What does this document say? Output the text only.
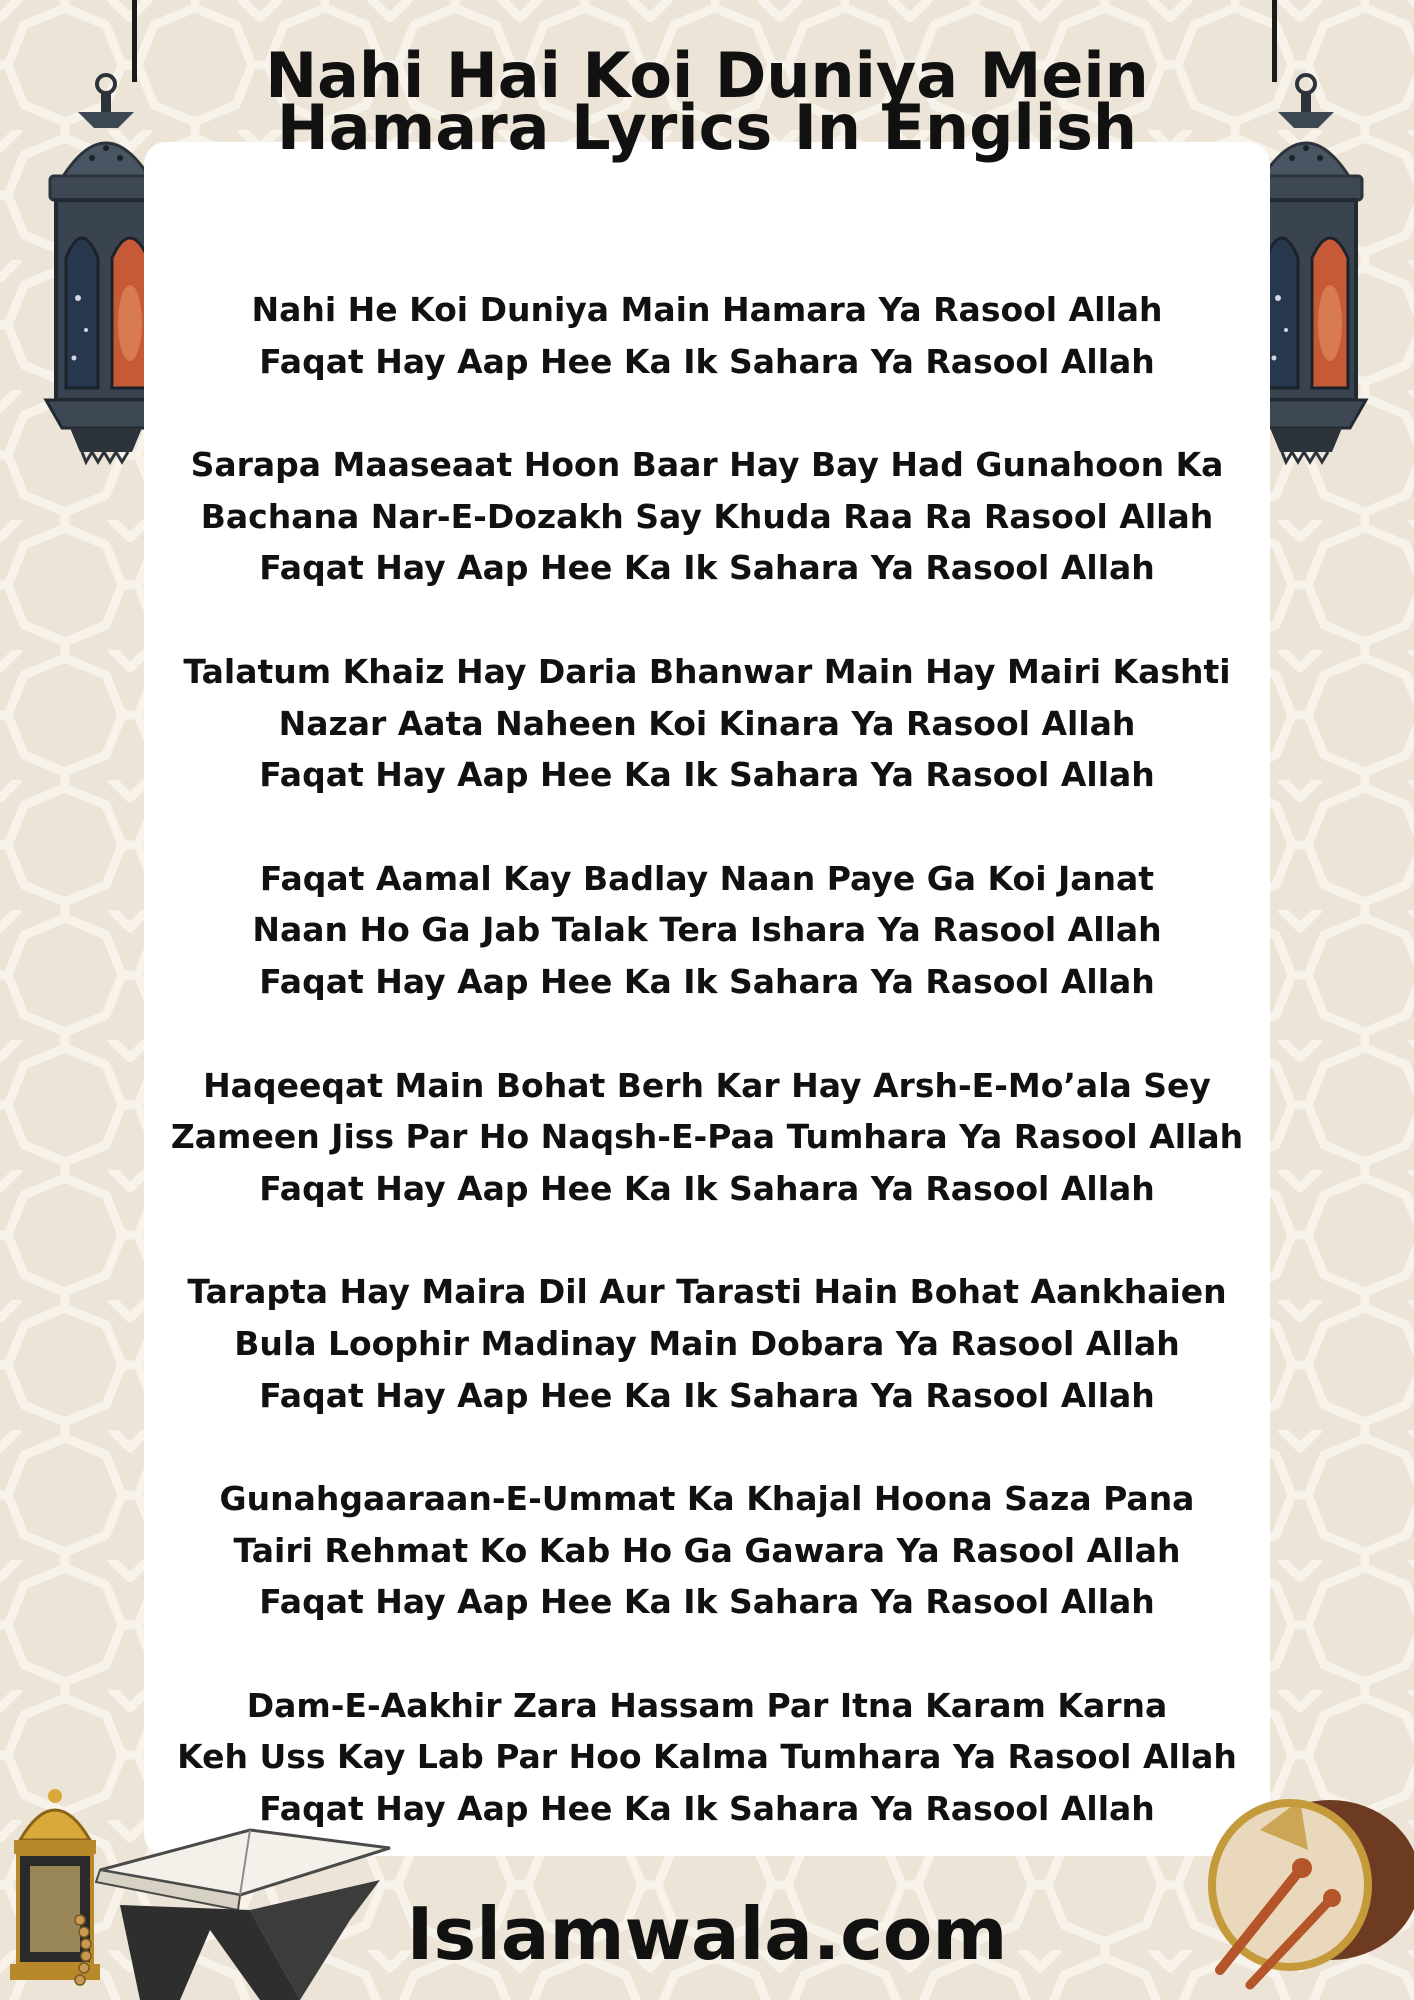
Nahi Hai Koi Duniya Mein
Hamara Lyrics In English
Nahi He Koi Duniya Main Hamara Ya Rasool Allah
Faqat Hay Aap Hee Ka Ik Sahara Ya Rasool Allah
Sarapa Maaseaat Hoon Baar Hay Bay Had Gunahoon Ka
Bachana Nar-E-Dozakh Say Khuda Raa Ra Rasool Allah
Faqat Hay Aap Hee Ka Ik Sahara Ya Rasool Allah
Talatum Khaiz Hay Daria Bhanwar Main Hay Mairi Kashti
Nazar Aata Naheen Koi Kinara Ya Rasool Allah
Faqat Hay Aap Hee Ka Ik Sahara Ya Rasool Allah
Faqat Aamal Kay Badlay Naan Paye Ga Koi Janat
Naan Ho Ga Jab Talak Tera Ishara Ya Rasool Allah
Faqat Hay Aap Hee Ka Ik Sahara Ya Rasool Allah
Haqeeqat Main Bohat Berh Kar Hay Arsh-E-Mo’ala Sey
Zameen Jiss Par Ho Naqsh-E-Paa Tumhara Ya Rasool Allah
Faqat Hay Aap Hee Ka Ik Sahara Ya Rasool Allah
Tarapta Hay Maira Dil Aur Tarasti Hain Bohat Aankhaien
Bula Loophir Madinay Main Dobara Ya Rasool Allah
Faqat Hay Aap Hee Ka Ik Sahara Ya Rasool Allah
Gunahgaaraan-E-Ummat Ka Khajal Hoona Saza Pana
Tairi Rehmat Ko Kab Ho Ga Gawara Ya Rasool Allah
Faqat Hay Aap Hee Ka Ik Sahara Ya Rasool Allah
Dam-E-Aakhir Zara Hassam Par Itna Karam Karna
Keh Uss Kay Lab Par Hoo Kalma Tumhara Ya Rasool Allah
Faqat Hay Aap Hee Ka Ik Sahara Ya Rasool Allah
Islamwala.com
